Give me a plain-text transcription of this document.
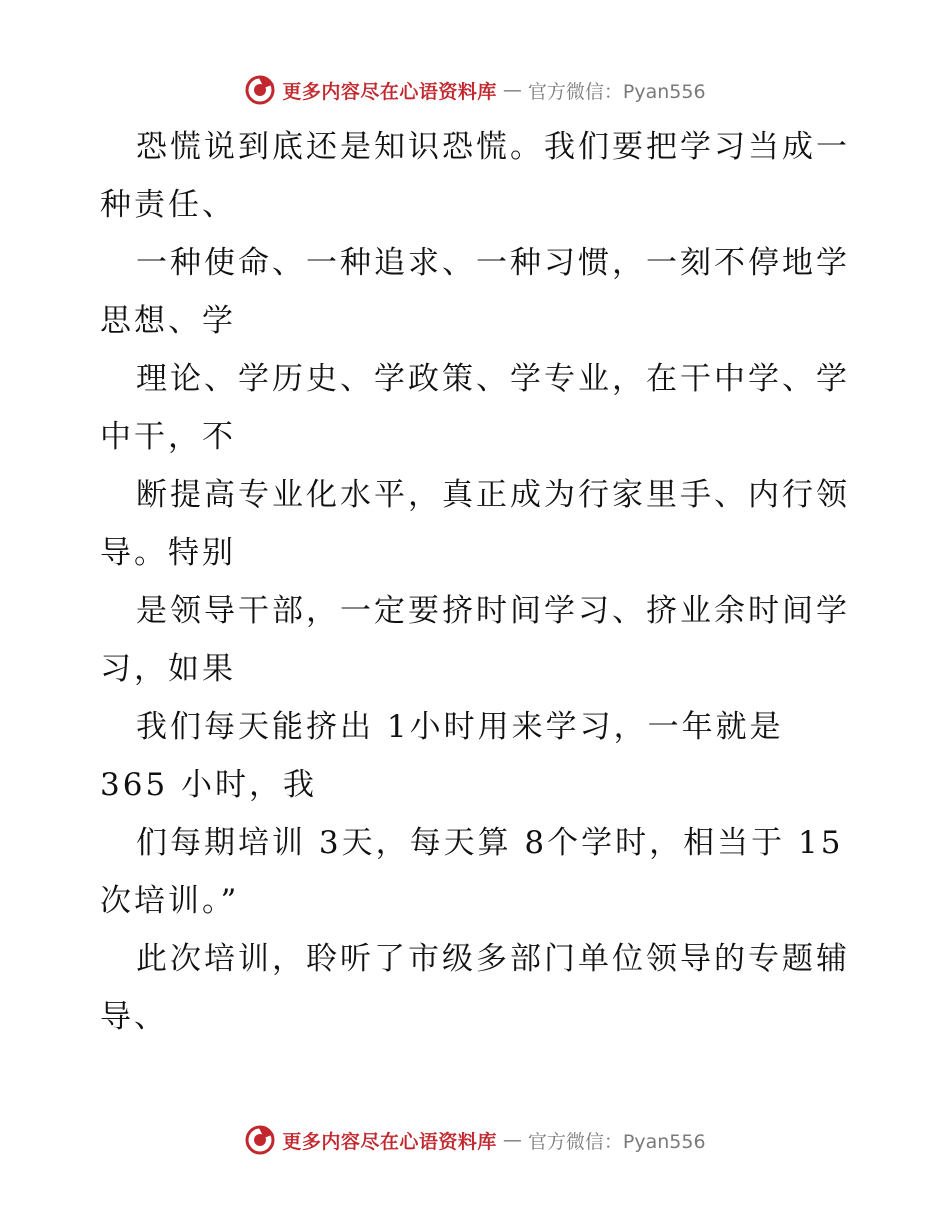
更多内容尽在心语资料库 — 官方微信：Pyan556
恐慌说到底还是知识恐慌。我们要把学习当成一
种责任、
一种使命、一种追求、一种习惯，一刻不停地学
思想、学
理论、学历史、学政策、学专业，在干中学、学
中干，不
断提高专业化水平，真正成为行家里手、内行领
导。特别
是领导干部，一定要挤时间学习、挤业余时间学
习，如果
我们每天能挤出 1小时用来学习，一年就是
365 小时，我
们每期培训 3天，每天算 8个学时，相当于 15
次培训。”
此次培训，聆听了市级多部门单位领导的专题辅
导、
更多内容尽在心语资料库 — 官方微信：Pyan556
